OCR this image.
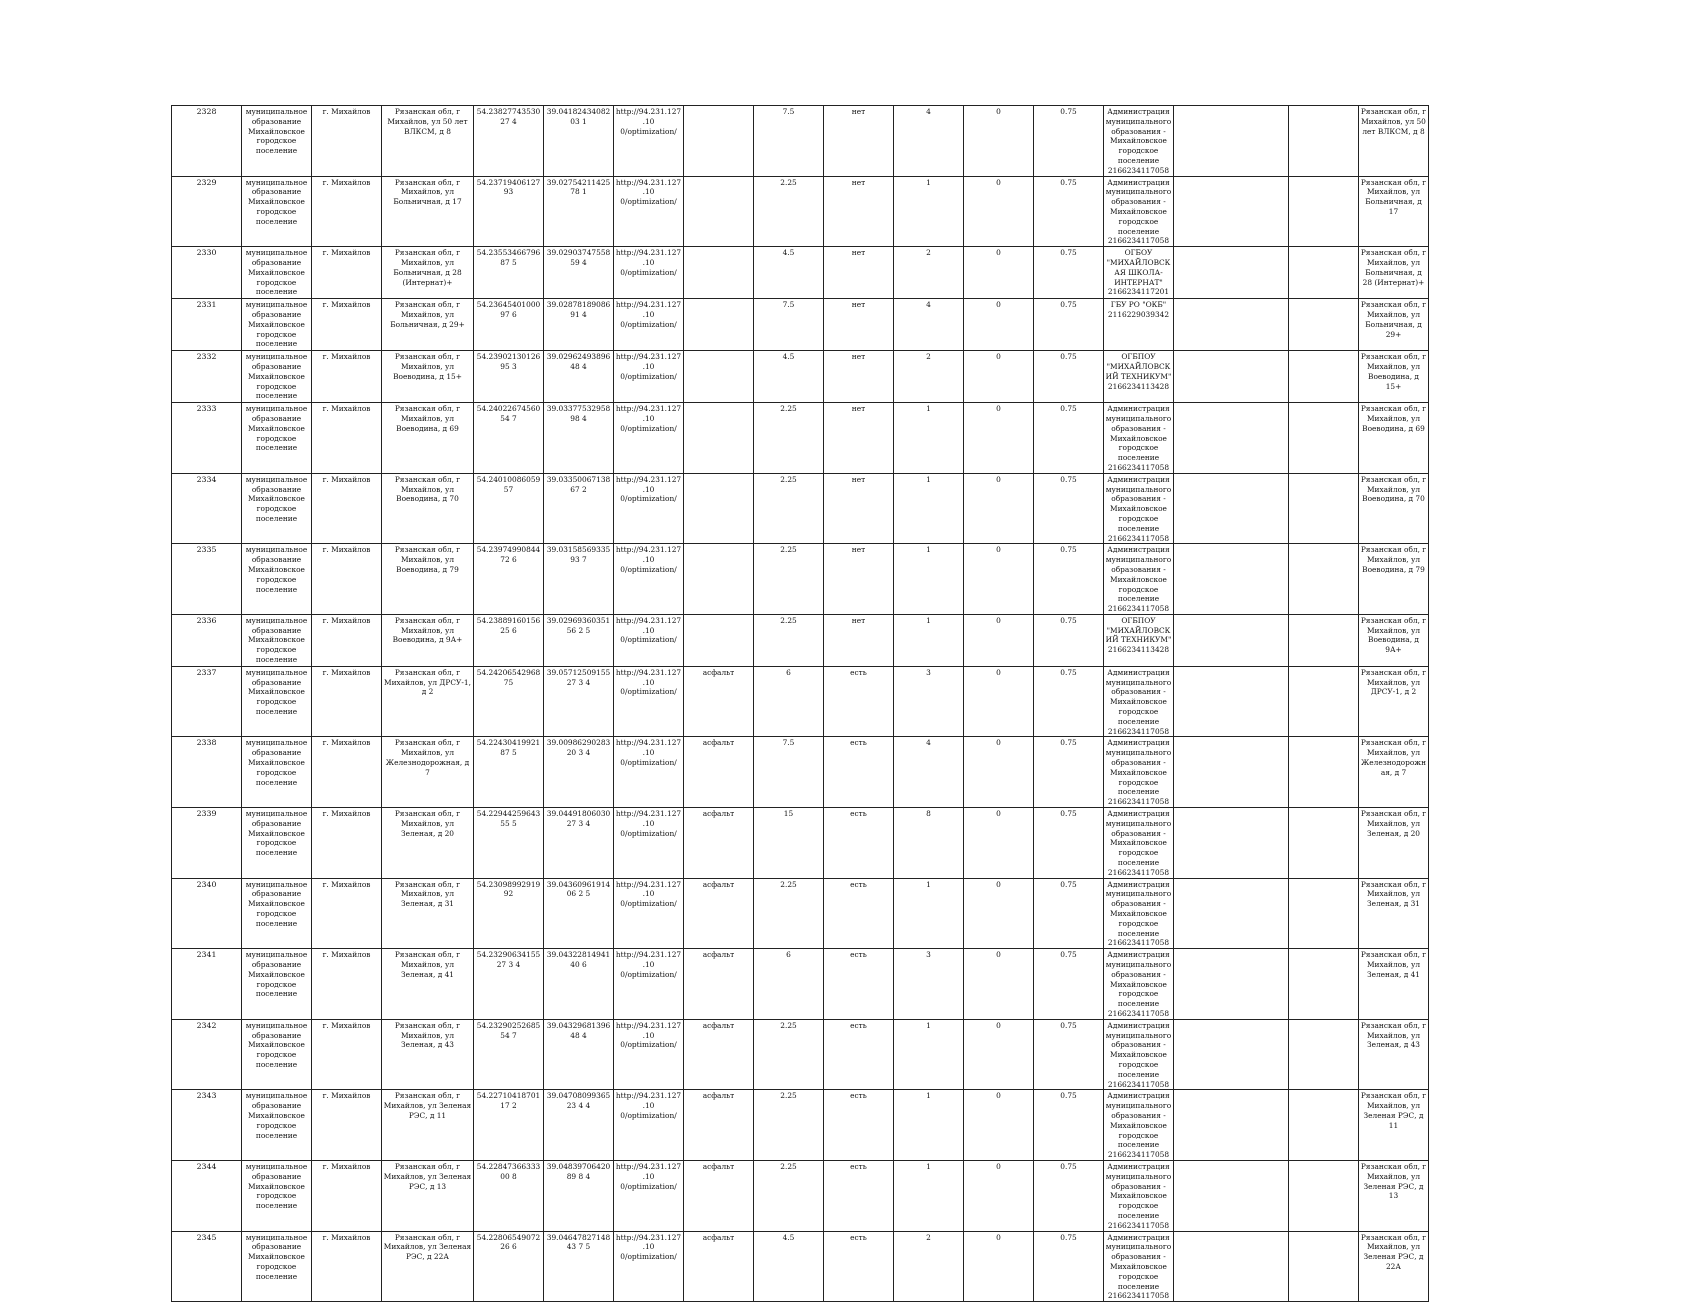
2328	муниципальное образование Михайловское городское поселение	г. Михайлов	Рязанская обл, г Михайлов, ул 50 лет ВЛКСМ, д 8	54.2382774353027 4	39.0418243408203 1	http://94.231.127.10 0/optimization/		7.5	нет	4	0	0.75	Администрация муниципального образования - Михайловское городское поселение 2166234117058			Рязанская обл, г Михайлов, ул 50 лет ВЛКСМ, д 8
2329	муниципальное образование Михайловское городское поселение	г. Михайлов	Рязанская обл, г Михайлов, ул Больничная, д 17	54.2371940612793	39.0275421142578 1	http://94.231.127.10 0/optimization/		2.25	нет	1	0	0.75	Администрация муниципального образования - Михайловское городское поселение 2166234117058			Рязанская обл, г Михайлов, ул Больничная, д 17
2330	муниципальное образование Михайловское городское поселение	г. Михайлов	Рязанская обл, г Михайлов, ул Больничная, д 28 (Интернат)+	54.2355346679687 5	39.0290374755859 4	http://94.231.127.10 0/optimization/		4.5	нет	2	0	0.75	ОГБОУ "МИХАЙЛОВСКАЯ ШКОЛА-ИНТЕРНАТ" 2166234117201			Рязанская обл, г Михайлов, ул Больничная, д 28 (Интернат)+
2331	муниципальное образование Михайловское городское поселение	г. Михайлов	Рязанская обл, г Михайлов, ул Больничная, д 29+	54.2364540100097 6	39.0287818908691 4	http://94.231.127.10 0/optimization/		7.5	нет	4	0	0.75	ГБУ РО "ОКБ" 2116229039342			Рязанская обл, г Михайлов, ул Больничная, д 29+
2332	муниципальное образование Михайловское городское поселение	г. Михайлов	Рязанская обл, г Михайлов, ул Воеводина, д 15+	54.2390213012695 3	39.0296249389648 4	http://94.231.127.10 0/optimization/		4.5	нет	2	0	0.75	ОГБПОУ "МИХАЙЛОВСКИЙ ТЕХНИКУМ" 2166234113428			Рязанская обл, г Михайлов, ул Воеводина, д 15+
2333	муниципальное образование Михайловское городское поселение	г. Михайлов	Рязанская обл, г Михайлов, ул Воеводина, д 69	54.2402267456054 7	39.0337753295898 4	http://94.231.127.10 0/optimization/		2.25	нет	1	0	0.75	Администрация муниципального образования - Михайловское городское поселение 2166234117058			Рязанская обл, г Михайлов, ул Воеводина, д 69
2334	муниципальное образование Михайловское городское поселение	г. Михайлов	Рязанская обл, г Михайлов, ул Воеводина, д 70	54.2401008605957	39.0335006713867 2	http://94.231.127.10 0/optimization/		2.25	нет	1	0	0.75	Администрация муниципального образования - Михайловское городское поселение 2166234117058			Рязанская обл, г Михайлов, ул Воеводина, д 70
2335	муниципальное образование Михайловское городское поселение	г. Михайлов	Рязанская обл, г Михайлов, ул Воеводина, д 79	54.2397499084472 6	39.0315856933593 7	http://94.231.127.10 0/optimization/		2.25	нет	1	0	0.75	Администрация муниципального образования - Михайловское городское поселение 2166234117058			Рязанская обл, г Михайлов, ул Воеводина, д 79
2336	муниципальное образование Михайловское городское поселение	г. Михайлов	Рязанская обл, г Михайлов, ул Воеводина, д 9А+	54.2388916015625 6	39.0296936035156 2 5	http://94.231.127.10 0/optimization/		2.25	нет	1	0	0.75	ОГБПОУ "МИХАЙЛОВСКИЙ ТЕХНИКУМ" 2166234113428			Рязанская обл, г Михайлов, ул Воеводина, д 9А+
2337	муниципальное образование Михайловское городское поселение	г. Михайлов	Рязанская обл, г Михайлов, ул ДРСУ-1, д 2	54.2420654296875	39.0571250915527 3 4	http://94.231.127.10 0/optimization/	асфальт	6	есть	3	0	0.75	Администрация муниципального образования - Михайловское городское поселение 2166234117058			Рязанская обл, г Михайлов, ул ДРСУ-1, д 2
2338	муниципальное образование Михайловское городское поселение	г. Михайлов	Рязанская обл, г Михайлов, ул Железнодорожная, д 7	54.2243041992187 5	39.0098629028320 3 4	http://94.231.127.10 0/optimization/	асфальт	7.5	есть	4	0	0.75	Администрация муниципального образования - Михайловское городское поселение 2166234117058			Рязанская обл, г Михайлов, ул Железнодорожная, д 7
2339	муниципальное образование Михайловское городское поселение	г. Михайлов	Рязанская обл, г Михайлов, ул Зеленая, д 20	54.2294425964355 5	39.0449180603027 3 4	http://94.231.127.10 0/optimization/	асфальт	15	есть	8	0	0.75	Администрация муниципального образования - Михайловское городское поселение 2166234117058			Рязанская обл, г Михайлов, ул Зеленая, д 20
2340	муниципальное образование Михайловское городское поселение	г. Михайлов	Рязанская обл, г Михайлов, ул Зеленая, д 31	54.2309899291992	39.0436096191406 2 5	http://94.231.127.10 0/optimization/	асфальт	2.25	есть	1	0	0.75	Администрация муниципального образования - Михайловское городское поселение 2166234117058			Рязанская обл, г Михайлов, ул Зеленая, д 31
2341	муниципальное образование Михайловское городское поселение	г. Михайлов	Рязанская обл, г Михайлов, ул Зеленая, д 41	54.2329063415527 3 4	39.0432281494140 6	http://94.231.127.10 0/optimization/	асфальт	6	есть	3	0	0.75	Администрация муниципального образования - Михайловское городское поселение 2166234117058			Рязанская обл, г Михайлов, ул Зеленая, д 41
2342	муниципальное образование Михайловское городское поселение	г. Михайлов	Рязанская обл, г Михайлов, ул Зеленая, д 43	54.2329025268554 7	39.0432968139648 4	http://94.231.127.10 0/optimization/	асфальт	2.25	есть	1	0	0.75	Администрация муниципального образования - Михайловское городское поселение 2166234117058			Рязанская обл, г Михайлов, ул Зеленая, д 43
2343	муниципальное образование Михайловское городское поселение	г. Михайлов	Рязанская обл, г Михайлов, ул Зеленая РЭС, д 11	54.2271041870117 2	39.0470809936523 4 4	http://94.231.127.10 0/optimization/	асфальт	2.25	есть	1	0	0.75	Администрация муниципального образования - Михайловское городское поселение 2166234117058			Рязанская обл, г Михайлов, ул Зеленая РЭС, д 11
2344	муниципальное образование Михайловское городское поселение	г. Михайлов	Рязанская обл, г Михайлов, ул Зеленая РЭС, д 13	54.2284736633300 8	39.0483970642089 8 4	http://94.231.127.10 0/optimization/	асфальт	2.25	есть	1	0	0.75	Администрация муниципального образования - Михайловское городское поселение 2166234117058			Рязанская обл, г Михайлов, ул Зеленая РЭС, д 13
2345	муниципальное образование Михайловское городское поселение	г. Михайлов	Рязанская обл, г Михайлов, ул Зеленая РЭС, д 22А	54.2280654907226 6	39.0464782714843 7 5	http://94.231.127.10 0/optimization/	асфальт	4.5	есть	2	0	0.75	Администрация муниципального образования - Михайловское городское поселение 2166234117058			Рязанская обл, г Михайлов, ул Зеленая РЭС, д 22А
